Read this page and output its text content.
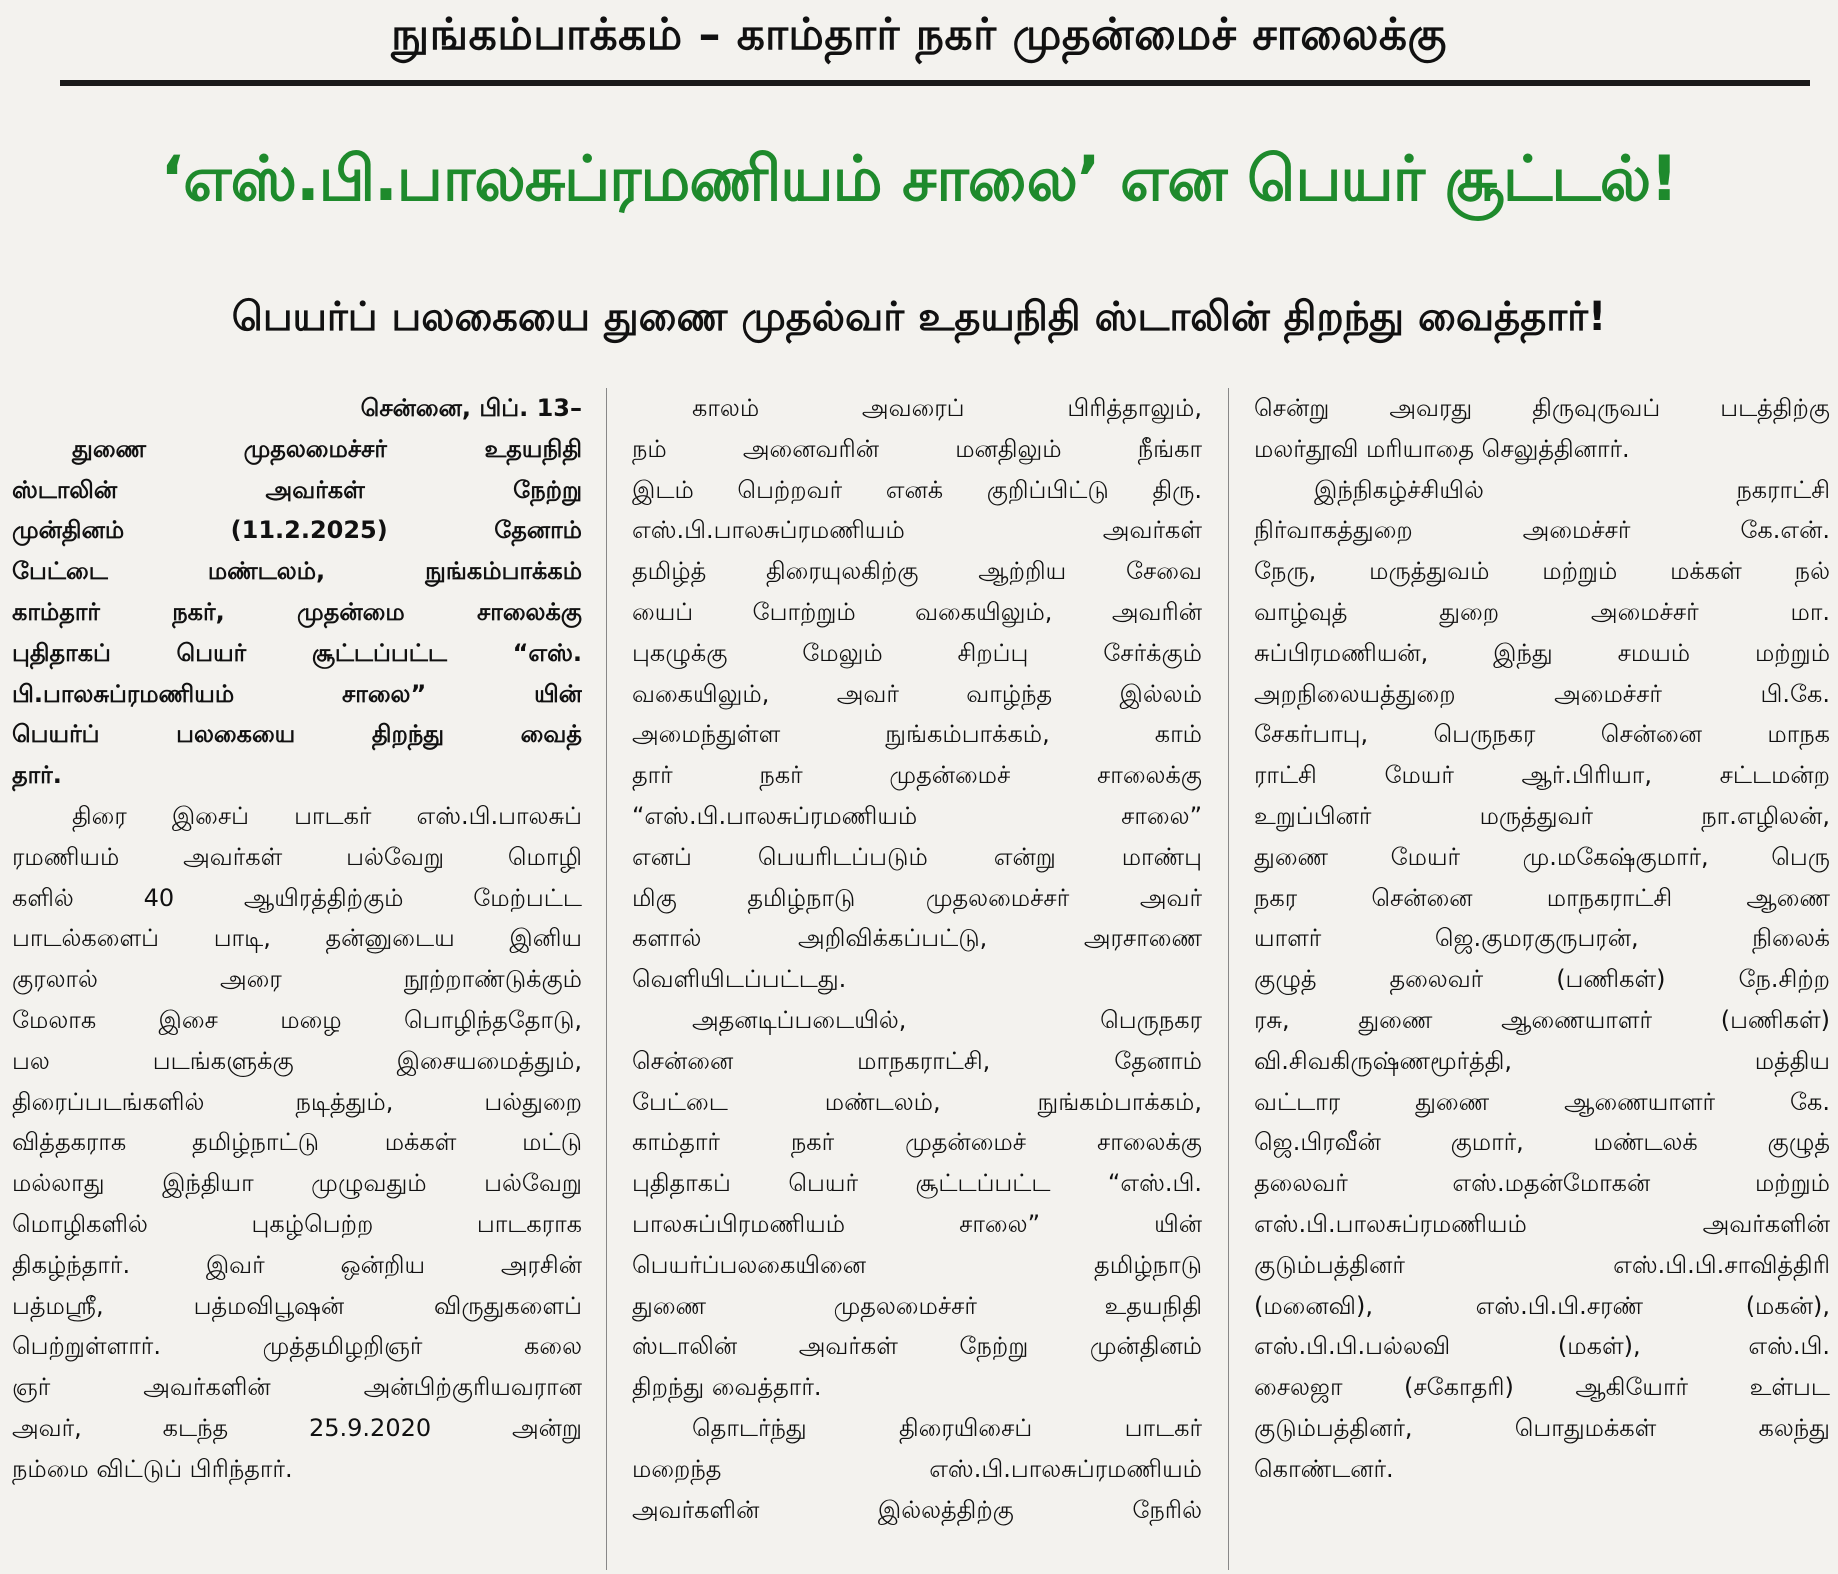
நுங்கம்பாக்கம் – காம்தார் நகர் முதன்மைச் சாலைக்கு
‘எஸ்.பி.பாலசுப்ரமணியம் சாலை’ என பெயர் சூட்டல்!
பெயர்ப் பலகையை துணை முதல்வர் உதயநிதி ஸ்டாலின் திறந்து வைத்தார்!

சென்னை, பிப். 13–

துணை முதலமைச்சர் உதயநிதி

ஸ்டாலின் அவர்கள் நேற்று

முன்தினம் (11.2.2025) தேனாம்

பேட்டை மண்டலம், நுங்கம்பாக்கம்

காம்தார் நகர், முதன்மை சாலைக்கு

புதிதாகப் பெயர் சூட்டப்பட்ட “எஸ்.

பி.பாலசுப்ரமணியம் சாலை” யின்

பெயர்ப் பலகையை திறந்து வைத்

தார்.

திரை இசைப் பாடகர் எஸ்.பி.பாலசுப்

ரமணியம் அவர்கள் பல்வேறு மொழி

களில் 40 ஆயிரத்திற்கும் மேற்பட்ட

பாடல்களைப் பாடி, தன்னுடைய இனிய

குரலால் அரை நூற்றாண்டுக்கும்

மேலாக இசை மழை பொழிந்ததோடு,

பல படங்களுக்கு இசையமைத்தும்,

திரைப்படங்களில் நடித்தும், பல்துறை

வித்தகராக தமிழ்நாட்டு மக்கள் மட்டு

மல்லாது இந்தியா முழுவதும் பல்வேறு

மொழிகளில் புகழ்பெற்ற பாடகராக

திகழ்ந்தார். இவர் ஒன்றிய அரசின்

பத்மஸ்ரீ, பத்மவிபூஷன் விருதுகளைப்

பெற்றுள்ளார். முத்தமிழறிஞர் கலை

ஞர் அவர்களின் அன்பிற்குரியவரான

அவர், கடந்த 25.9.2020 அன்று

நம்மை விட்டுப் பிரிந்தார்.

காலம் அவரைப் பிரித்தாலும்,

நம் அனைவரின் மனதிலும் நீங்கா

இடம் பெற்றவர் எனக் குறிப்பிட்டு திரு.

எஸ்.பி.பாலசுப்ரமணியம் அவர்கள்

தமிழ்த் திரையுலகிற்கு ஆற்றிய சேவை

யைப் போற்றும் வகையிலும், அவரின்

புகழுக்கு மேலும் சிறப்பு சேர்க்கும்

வகையிலும், அவர் வாழ்ந்த இல்லம்

அமைந்துள்ள நுங்கம்பாக்கம், காம்

தார் நகர் முதன்மைச் சாலைக்கு

“எஸ்.பி.பாலசுப்ரமணியம் சாலை”

எனப் பெயரிடப்படும் என்று மாண்பு

மிகு தமிழ்நாடு முதலமைச்சர் அவர்

களால் அறிவிக்கப்பட்டு, அரசாணை

வெளியிடப்பட்டது.

அதனடிப்படையில், பெருநகர

சென்னை மாநகராட்சி, தேனாம்

பேட்டை மண்டலம், நுங்கம்பாக்கம்,

காம்தார் நகர் முதன்மைச் சாலைக்கு

புதிதாகப் பெயர் சூட்டப்பட்ட “எஸ்.பி.

பாலசுப்பிரமணியம் சாலை” யின்

பெயர்ப்பலகையினை தமிழ்நாடு

துணை முதலமைச்சர் உதயநிதி

ஸ்டாலின் அவர்கள் நேற்று முன்தினம்

திறந்து வைத்தார்.

தொடர்ந்து திரையிசைப் பாடகர்

மறைந்த எஸ்.பி.பாலசுப்ரமணியம்

அவர்களின் இல்லத்திற்கு நேரில்

சென்று அவரது திருவுருவப் படத்திற்கு

மலர்தூவி மரியாதை செலுத்தினார்.

இந்நிகழ்ச்சியில் நகராட்சி

நிர்வாகத்துறை அமைச்சர் கே.என்.

நேரு, மருத்துவம் மற்றும் மக்கள் நல்

வாழ்வுத் துறை அமைச்சர் மா.

சுப்பிரமணியன், இந்து சமயம் மற்றும்

அறநிலையத்துறை அமைச்சர் பி.கே.

சேகர்பாபு, பெருநகர சென்னை மாநக

ராட்சி மேயர் ஆர்.பிரியா, சட்டமன்ற

உறுப்பினர் மருத்துவர் நா.எழிலன்,

துணை மேயர் மு.மகேஷ்குமார், பெரு

நகர சென்னை மாநகராட்சி ஆணை

யாளர் ஜெ.குமரகுருபரன், நிலைக்

குழுத் தலைவர் (பணிகள்) நே.சிற்ற

ரசு, துணை ஆணையாளர் (பணிகள்)

வி.சிவகிருஷ்ணமூர்த்தி, மத்திய

வட்டார துணை ஆணையாளர் கே.

ஜெ.பிரவீன் குமார், மண்டலக் குழுத்

தலைவர் எஸ்.மதன்மோகன் மற்றும்

எஸ்.பி.பாலசுப்ரமணியம் அவர்களின்

குடும்பத்தினர் எஸ்.பி.பி.சாவித்திரி

(மனைவி), எஸ்.பி.பி.சரண் (மகன்),

எஸ்.பி.பி.பல்லவி (மகள்), எஸ்.பி.

சைலஜா (சகோதரி) ஆகியோர் உள்பட

குடும்பத்தினர், பொதுமக்கள் கலந்து

கொண்டனர்.
